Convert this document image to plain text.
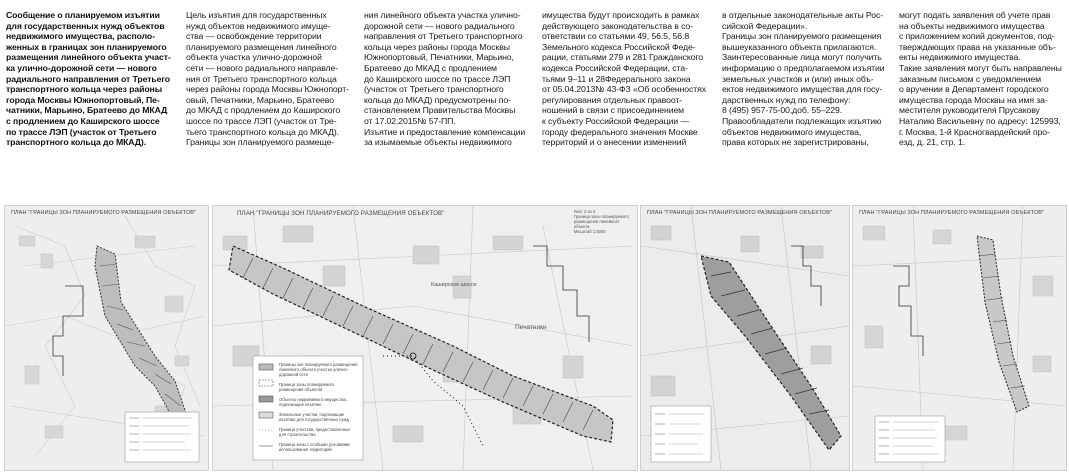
Сообщение о планируемом изъятии
для государственных нужд объектов
недвижимого имущества, располо-
женных в границах зон планируемого
размещения линейного объекта участ-
ка улично-дорожной сети — нового
радиального направления от Третьего
транспортного кольца через районы
города Москвы Южнопортовый, Пе-
чатники, Марьино, Братеево до МКАД
с продлением до Каширского шоссе
по трассе ЛЭП (участок от Третьего
транспортного кольца до МКАД).
Цель изъятия для государственных
нужд объектов недвижимого имуще-
ства — освобождение территории
планируемого размещения линейного
объекта участка улично-дорожной
сети — нового радиального направле-
ния от Третьего транспортного кольца
через районы города Москвы Южнопорт-
овый, Печатники, Марьино, Братеево
до МКАД с продлением до Каширского
шоссе по трассе ЛЭП (участок от Тре-
тьего транспортного кольца до МКАД).
Границы зон планируемого размеще-
ния линейного объекта участка улично-
дорожной сети — нового радиального
направления от Третьего транспортного
кольца через районы города Москвы
Южнопортовый, Печатники, Марьино,
Братеево до МКАД с продлением
до Каширского шоссе по трассе ЛЭП
(участок от Третьего транспортного
кольца до МКАД) предусмотрены по-
становлением Правительства Москвы
от 17.02.2015№ 57-ПП.
Изъятие и предоставление компенсации
за изымаемые объекты недвижимого
имущества будут происходить в рамках
действующего законодательства в со-
ответствии со статьями 49, 56.5, 56.8
Земельного кодекса Российской Феде-
рации, статьями 279 и 281 Гражданского
кодекса Российской Федерации, ста-
тьями 9–11 и 28Федерального закона
от 05.04.2013№ 43-ФЗ «Об особенностях
регулирования отдельных правоот-
ношений в связи с присоединением
к субъекту Российской Федерации —
городу федерального значения Москве
территорий и о внесении изменений
в отдельные законодательные акты Рос-
сийской Федерации».
Границы зон планируемого размещения
вышеуказанного объекта прилагаются.
Заинтересованные лица могут получить
информацию о предполагаемом изъятии
земельных участков и (или) иных объ-
ектов недвижимого имущества для госу-
дарственных нужд по телефону:
8 (495) 957-75-00,доб. 55–229.
Правообладатели подлежащих изъятию
объектов недвижимого имущества,
права которых не зарегистрированы,
могут подать заявления об учете прав
на объекты недвижимого имущества
с приложением копий документов, под-
тверждающих права на указанные объ-
екты недвижимого имущества.
Такие заявления могут быть направлены
заказным письмом с уведомлением
о вручении в Департамент городского
имущества города Москвы на имя за-
местителя руководителя Прусакову
Наталию Васильевну по адресу: 125993,
г. Москва, 1-й Красногвардейский про-
езд, д. 21, стр. 1.
ПЛАН "ГРАНИЦЫ ЗОН ПЛАНИРУЕМОГО РАЗМЕЩЕНИЯ ОБЪЕКТОВ"	ПЛАН "ГРАНИЦЫ ЗОН ПЛАНИРУЕМОГО РАЗМЕЩЕНИЯ ОБЪЕКТОВ"	Лист 2 из 4
Граница зоны планируемого
размещения линейного
объекта
Масштаб 1:5000
Печатники
Каширское шоссе
Границы зон планируемого размещения
линейного объекта участка улично-
дорожной сети

Граница зоны планируемого
размещения объектов

Объекты недвижимого имущества,
подлежащие изъятию

Земельные участки, подлежащие
изъятию для государственных нужд

Граница участков, предоставленных
для строительства

Граница зоны с особыми условиями
использования территорий
ПЛАН "ГРАНИЦЫ ЗОН ПЛАНИРУЕМОГО РАЗМЕЩЕНИЯ ОБЪЕКТОВ"	ПЛАН "ГРАНИЦЫ ЗОН ПЛАНИРУЕМОГО РАЗМЕЩЕНИЯ ОБЪЕКТОВ"
